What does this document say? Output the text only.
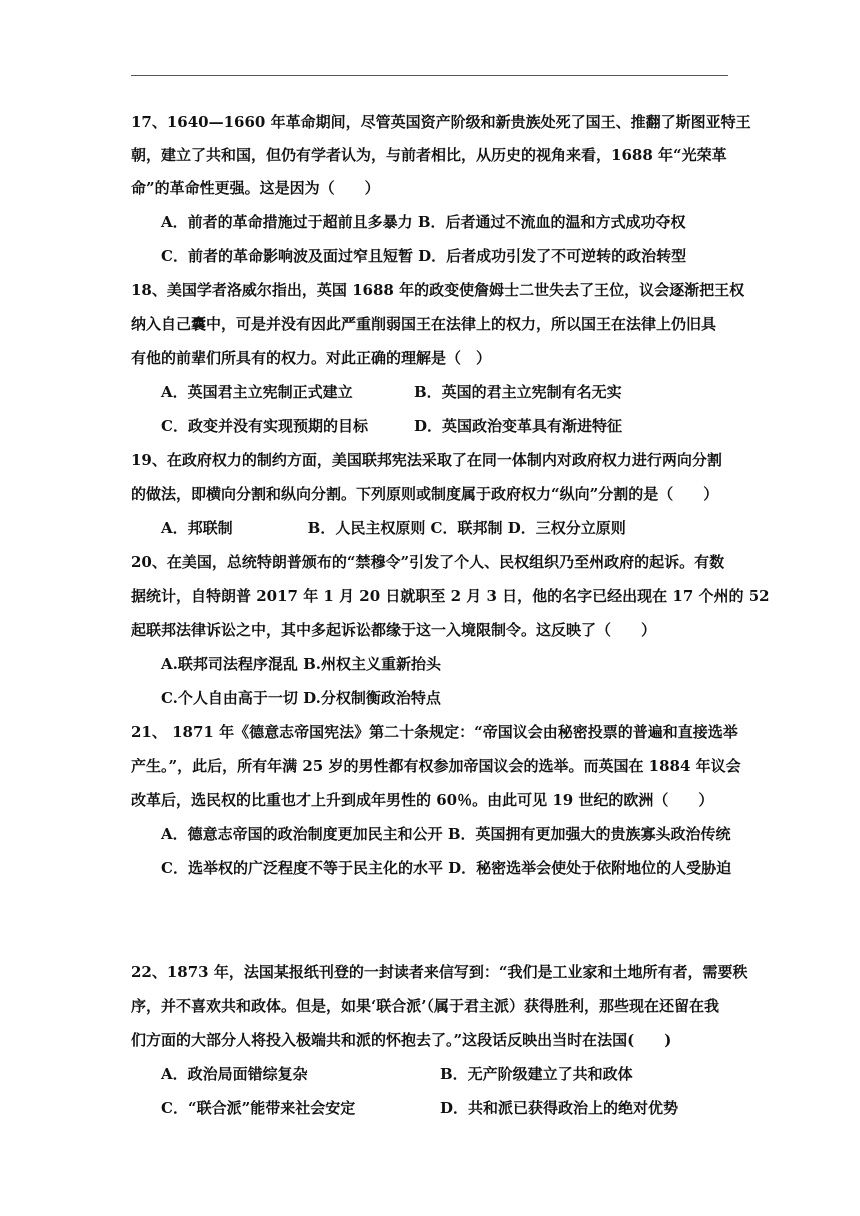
17、1640—1660 年革命期间，尽管英国资产阶级和新贵族处死了国王、推翻了斯图亚特王
朝，建立了共和国，但仍有学者认为，与前者相比，从历史的视角来看，1688 年“光荣革
命”的革命性更强。这是因为（　　）
A．前者的革命措施过于超前且多暴力 B．后者通过不流血的温和方式成功夺权
C．前者的革命影响波及面过窄且短暂 D．后者成功引发了不可逆转的政治转型
18、美国学者洛威尔指出，英国 1688 年的政变使詹姆士二世失去了王位，议会逐渐把王权
纳入自己囊中，可是并没有因此严重削弱国王在法律上的权力，所以国王在法律上仍旧具
有他的前辈们所具有的权力。对此正确的理解是（　）
A．英国君主立宪制正式建立	B．英国的君主立宪制有名无实
C．政变并没有实现预期的目标	D．英国政治变革具有渐进特征
19、在政府权力的制约方面，美国联邦宪法采取了在同一体制内对政府权力进行两向分割
的做法，即横向分割和纵向分割。下列原则或制度属于政府权力“纵向”分割的是（　　）
A．邦联制　　　　　B．人民主权原则 C．联邦制 D．三权分立原则
20、在美国，总统特朗普颁布的“禁穆令”引发了个人、民权组织乃至州政府的起诉。有数
据统计，自特朗普 2017 年 1 月 20 日就职至 2 月 3 日，他的名字已经出现在 17 个州的 52
起联邦法律诉讼之中，其中多起诉讼都缘于这一入境限制令。这反映了（　　）
A.联邦司法程序混乱 B.州权主义重新抬头
C.个人自由高于一切 D.分权制衡政治特点
21、 1871 年《德意志帝国宪法》第二十条规定：“帝国议会由秘密投票的普遍和直接选举
产生。”，此后，所有年满 25 岁的男性都有权参加帝国议会的选举。而英国在 1884 年议会
改革后，选民权的比重也才上升到成年男性的 60％。由此可见 19 世纪的欧洲（　　）
A．德意志帝国的政治制度更加民主和公开 B．英国拥有更加强大的贵族寡头政治传统
C．选举权的广泛程度不等于民主化的水平 D．秘密选举会使处于依附地位的人受胁迫
22、1873 年，法国某报纸刊登的一封读者来信写到：“我们是工业家和土地所有者，需要秩
序，并不喜欢共和政体。但是，如果‘联合派’（属于君主派）获得胜利，那些现在还留在我
们方面的大部分人将投入极端共和派的怀抱去了。”这段话反映出当时在法国(　　)
A．政治局面错综复杂	B．无产阶级建立了共和政体
C．“联合派”能带来社会安定	D．共和派已获得政治上的绝对优势
